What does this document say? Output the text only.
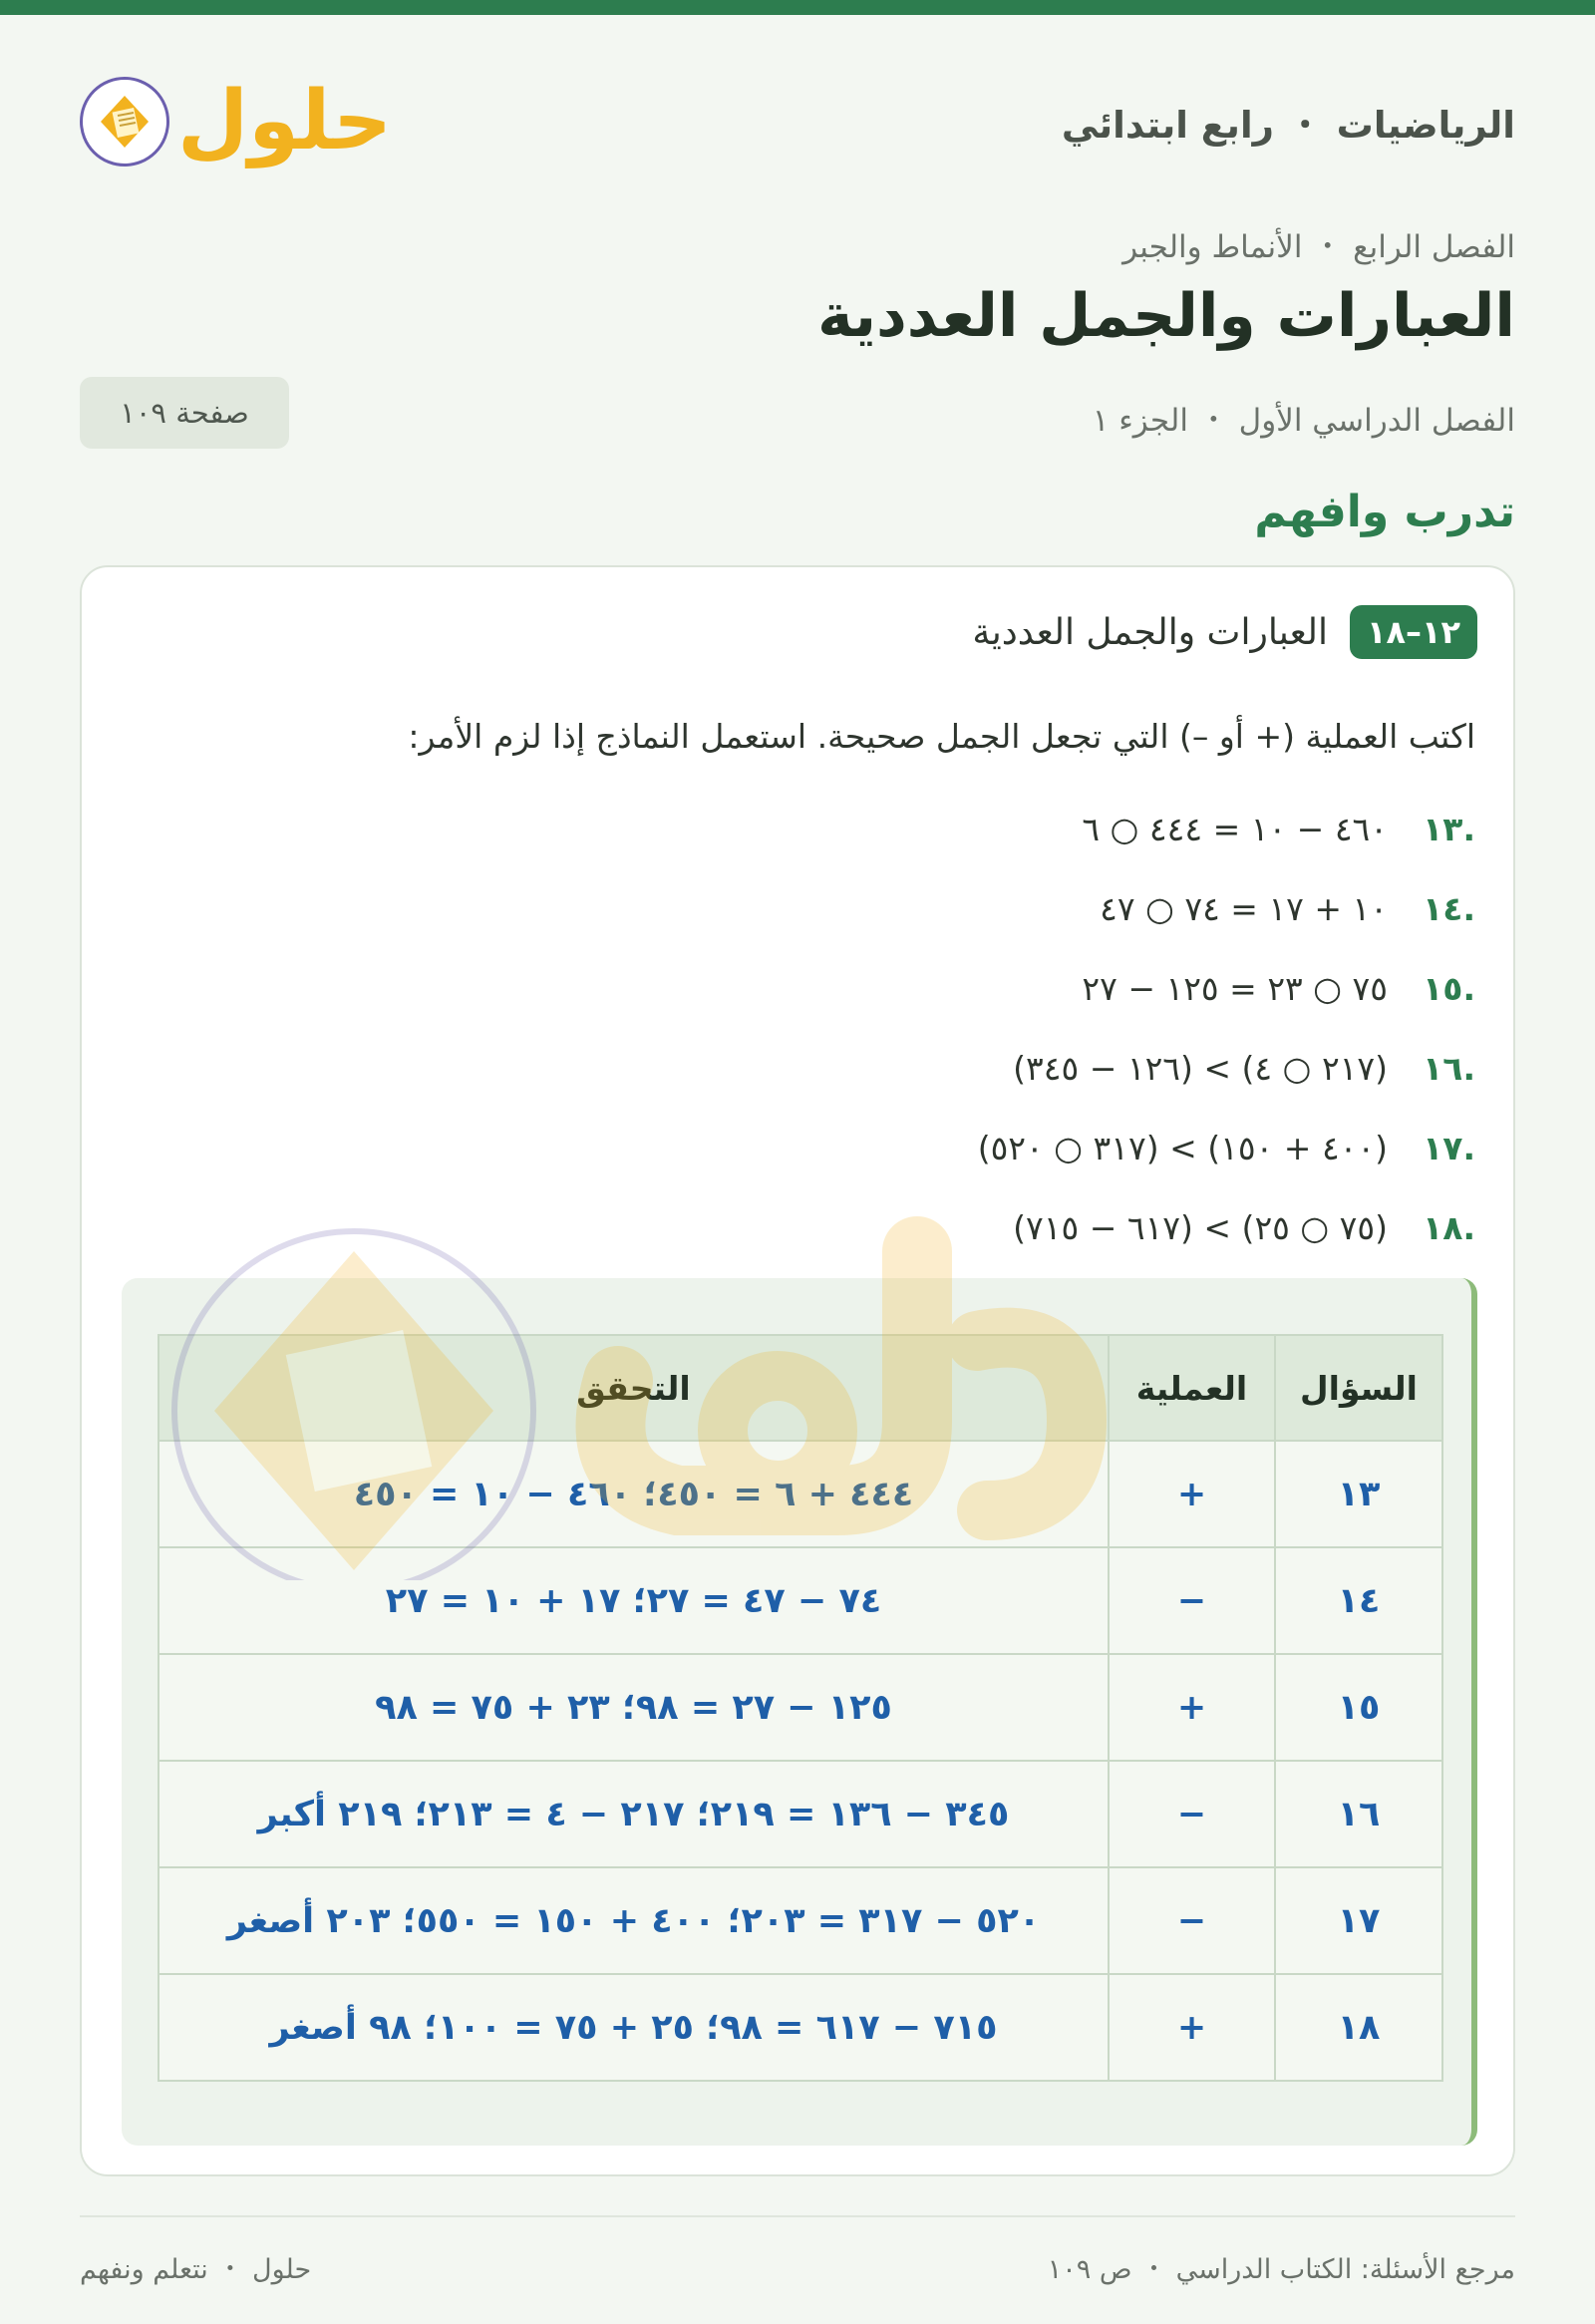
الرياضيات ・ رابع ابتدائي
حلول
الفصل الرابع ・ الأنماط والجبر
العبارات والجمل العددية
الفصل الدراسي الأول ・ الجزء ١
صفحة ١٠٩
تدرب وافهم
١٢–١٨
العبارات والجمل العددية
اكتب العملية (+ أو –) التي تجعل الجمل صحيحة. استعمل النماذج إذا لزم الأمر:
.١٣
٤٦٠ − ١٠ = ٤٤٤ ○ ٦
.١٤
١٠ + ١٧ = ٧٤ ○ ٤٧
.١٥
٧٥ ○ ٢٣ = ١٢٥ − ٢٧
.١٦
(١٢٦ − ٣٤٥) < (٢١٧ ○ ٤)
.١٧
(٣١٧ ○ ٥٢٠) < (٤٠٠ + ١٥٠)
.١٨
(٦١٧ − ٧١٥) < (٧٥ ○ ٢٥)
السؤال	العملية	التحقق
١٣	+	٤٤٤ + ٦ = ٤٥٠؛ ٤٦٠ − ١٠ = ٤٥٠
١٤	−	٧٤ − ٤٧ = ٢٧؛ ١٧ + ١٠ = ٢٧
١٥	+	١٢٥ − ٢٧ = ٩٨؛ ٢٣ + ٧٥ = ٩٨
١٦	−	٣٤٥ − ١٣٦ = ٢١٩؛ ٢١٧ − ٤ = ٢١٣؛ ٢١٩ أكبر
١٧	−	٥٢٠ − ٣١٧ = ٢٠٣؛ ٤٠٠ + ١٥٠ = ٥٥٠؛ ٢٠٣ أصغر
١٨	+	٧١٥ − ٦١٧ = ٩٨؛ ٢٥ + ٧٥ = ١٠٠؛ ٩٨ أصغر
مرجع الأسئلة: الكتاب الدراسي ・ ص ١٠٩
حلول ・ نتعلم ونفهم
